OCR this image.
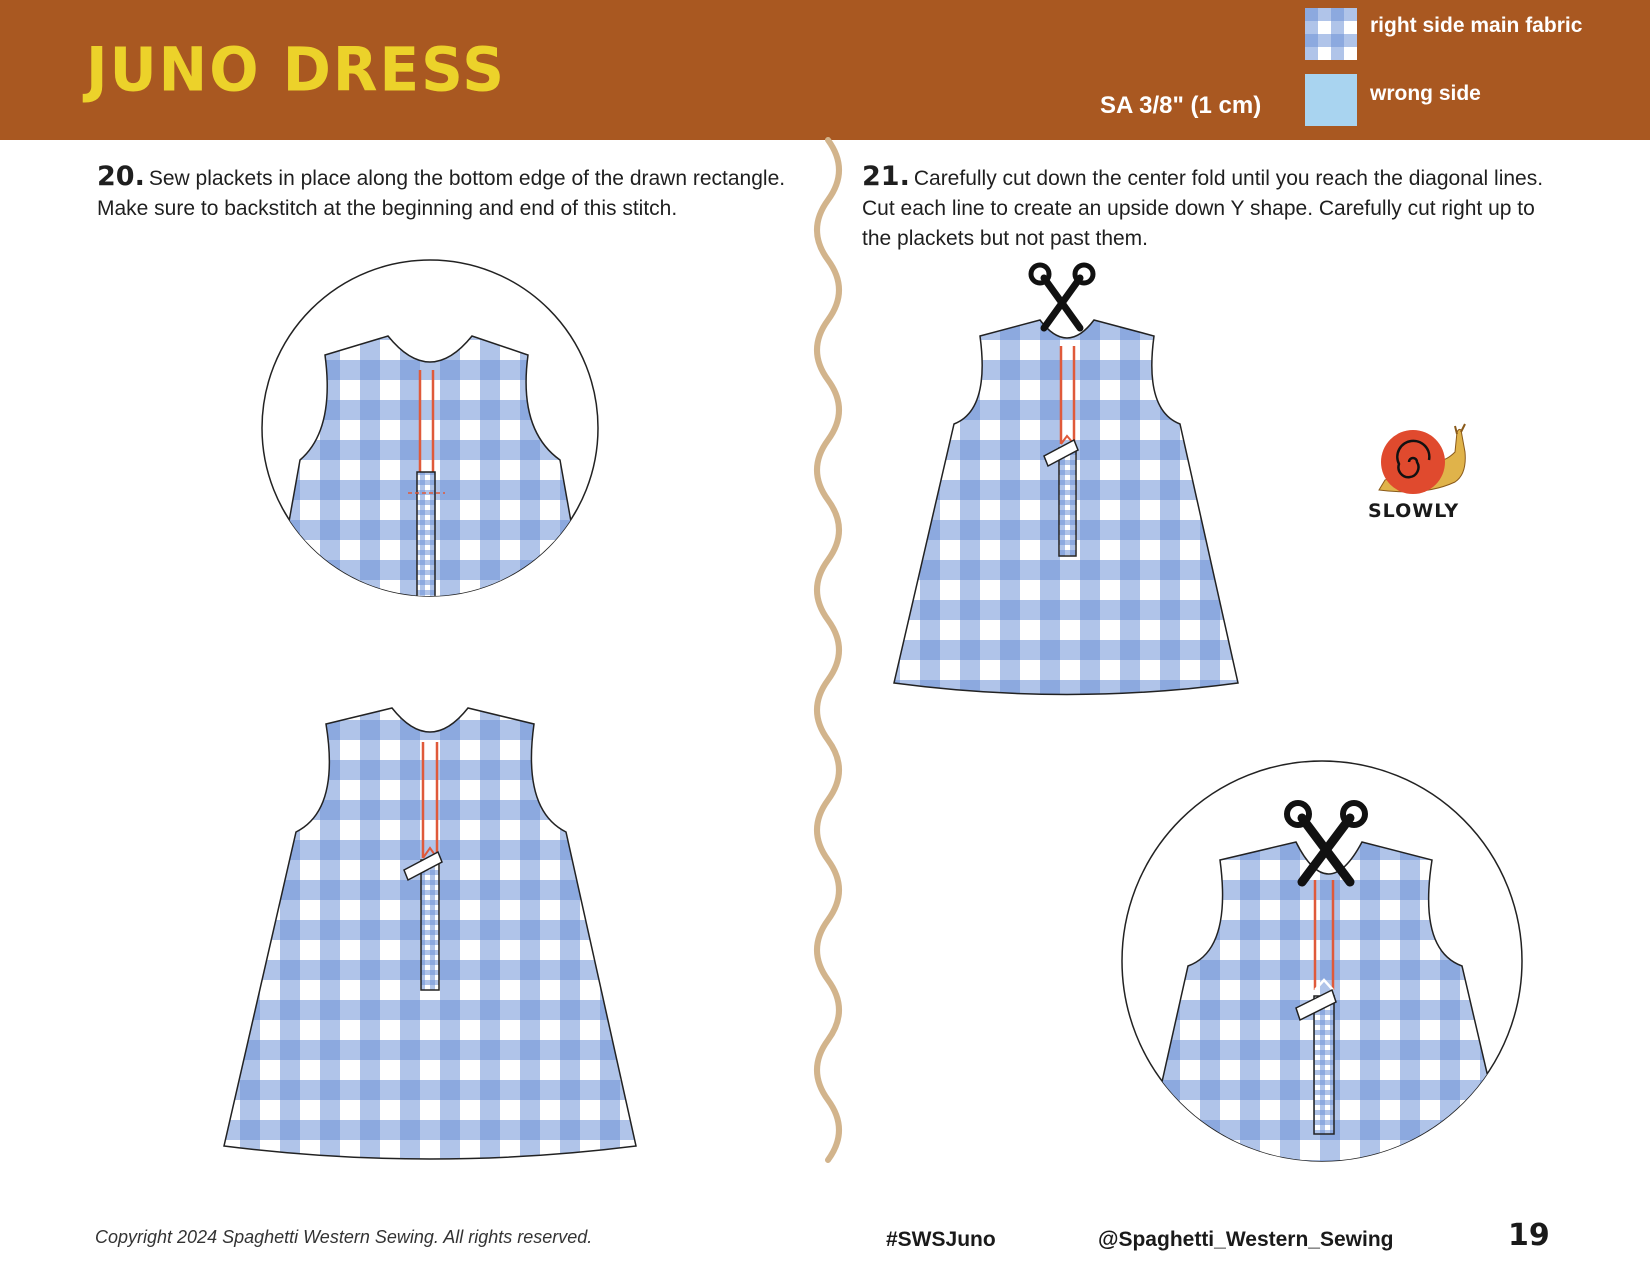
JUNO DRESS
SA 3/8" (1 cm)
right side main fabric
wrong side
20. Sew plackets in place along the bottom edge of the drawn rectangle.
Make sure to backstitch at the beginning and end of this stitch.
21. Carefully cut down the center fold until you reach the diagonal lines.
Cut each line to create an upside down Y shape. Carefully cut right up to
the plackets but not past them.
SLOWLY
Copyright 2024 Spaghetti Western Sewing. All rights reserved.	#SWSJuno	@Spaghetti_Western_Sewing	19
